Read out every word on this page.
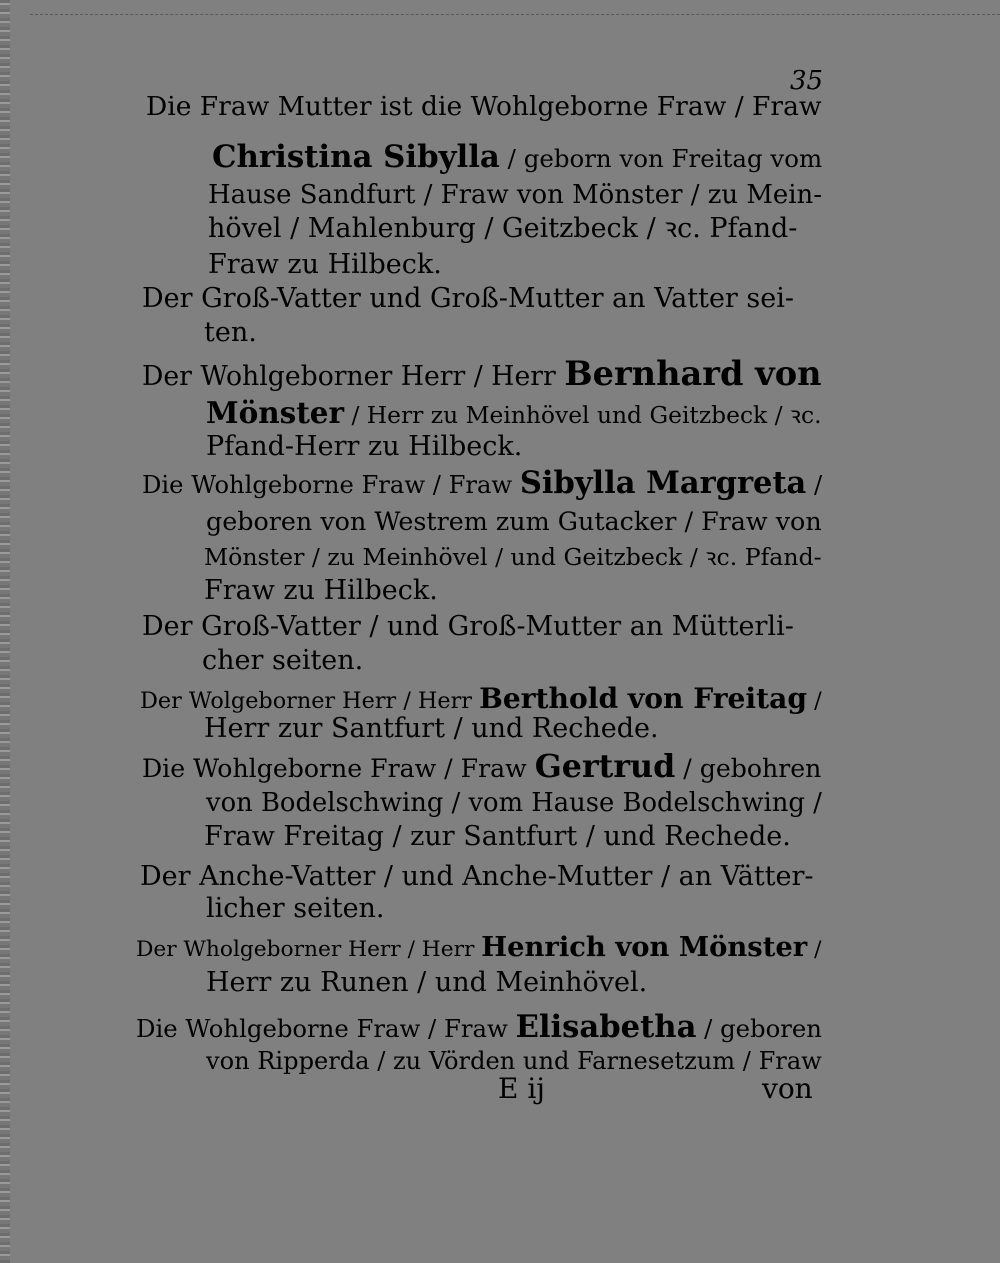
35
Die Fraw Mutter ist die Wohlgeborne Fraw / Fraw
Christina Sibylla / geborn von Freitag vom
Hause Sandfurt / Fraw von Mönster / zu Mein-
hövel / Mahlenburg / Geitzbeck / ꝛc. Pfand-
Fraw zu Hilbeck.
Der Groß-Vatter und Groß-Mutter an Vatter sei-
ten.
Der Wohlgeborner Herr / Herr Bernhard von
Mönster / Herr zu Meinhövel und Geitzbeck / ꝛc.
Pfand-Herr zu Hilbeck.
Die Wohlgeborne Fraw / Fraw Sibylla Margreta /
geboren von Westrem zum Gutacker / Fraw von
Mönster / zu Meinhövel / und Geitzbeck / ꝛc. Pfand-
Fraw zu Hilbeck.
Der Groß-Vatter / und Groß-Mutter an Mütterli-
cher seiten.
Der Wolgeborner Herr / Herr Berthold von Freitag /
Herr zur Santfurt / und Rechede.
Die Wohlgeborne Fraw / Fraw Gertrud / gebohren
von Bodelschwing / vom Hause Bodelschwing /
Fraw Freitag / zur Santfurt / und Rechede.
Der Anche-Vatter / und Anche-Mutter / an Vätter-
licher seiten.
Der Wholgeborner Herr / Herr Henrich von Mönster /
Herr zu Runen / und Meinhövel.
Die Wohlgeborne Fraw / Fraw Elisabetha / geboren
von Ripperda / zu Vörden und Farnesetzum / Fraw
E ij	von
